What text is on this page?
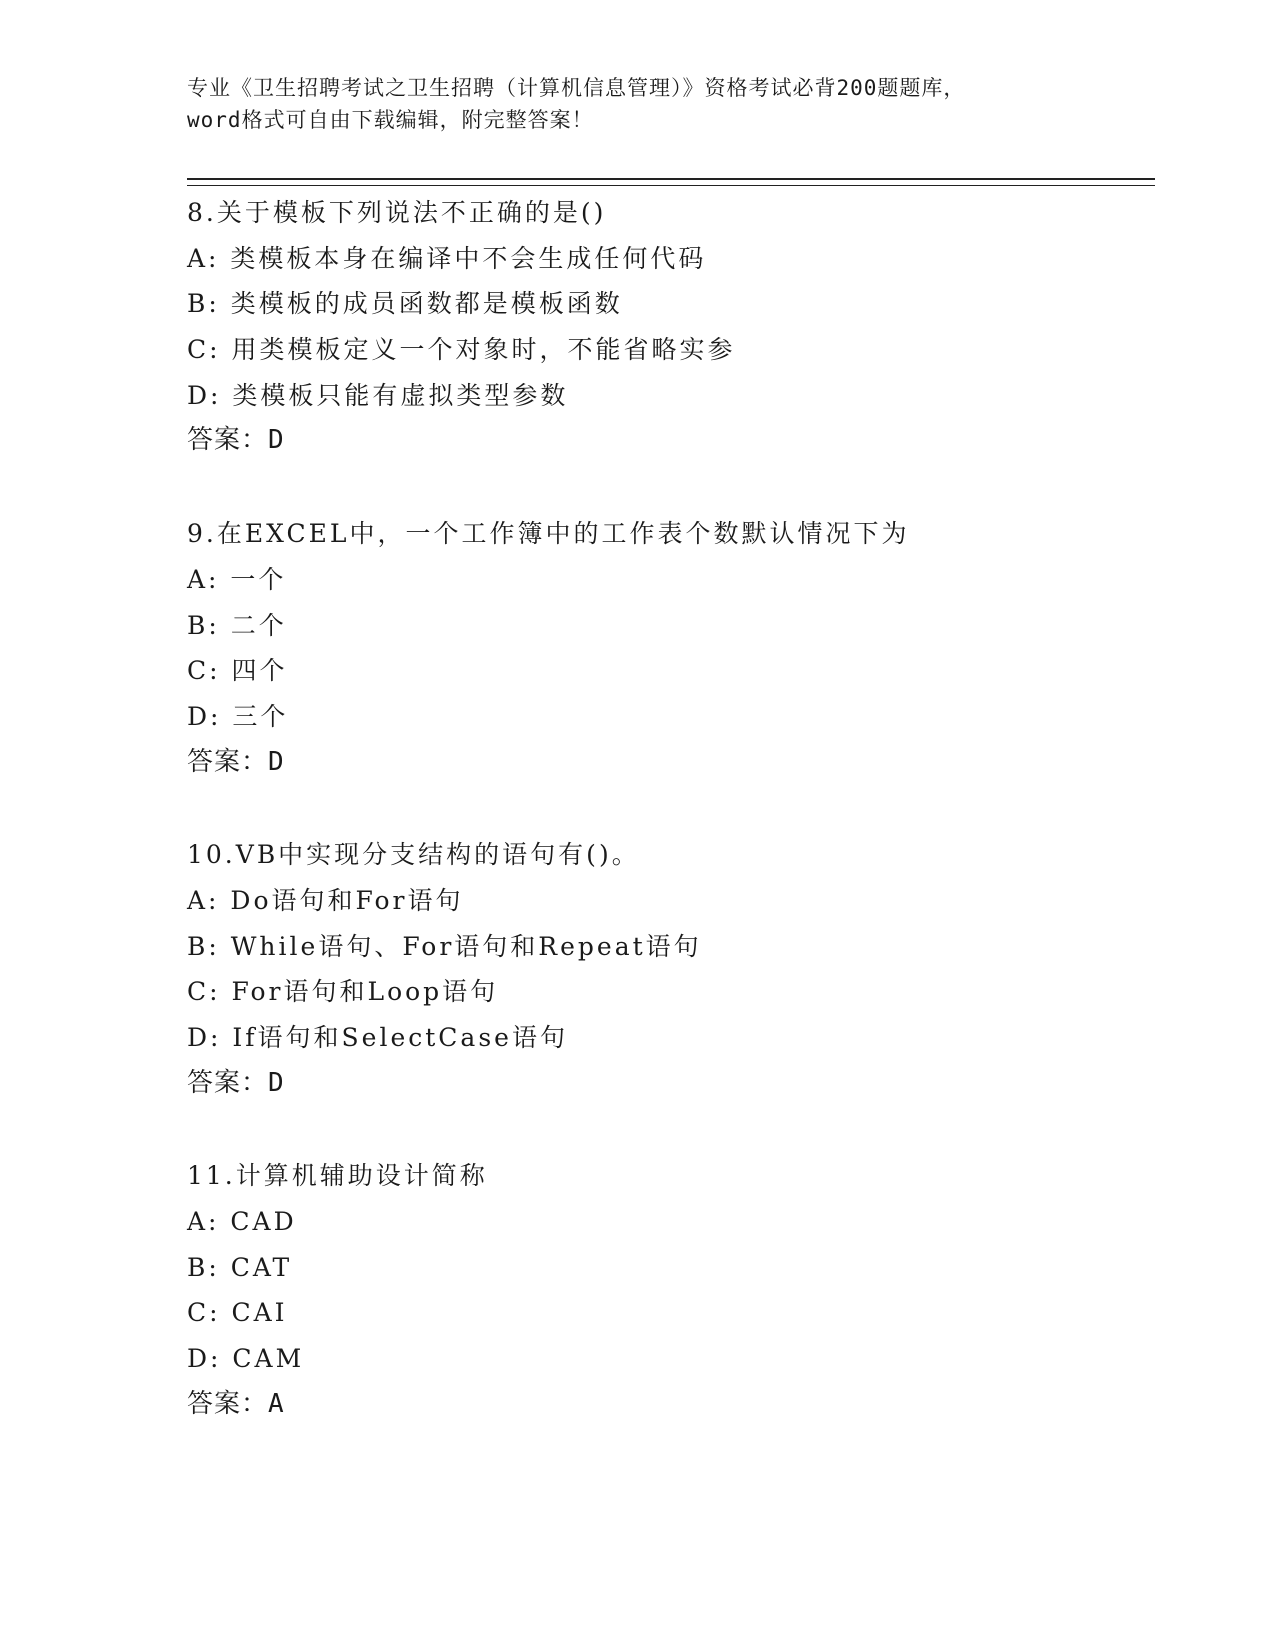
专业《卫生招聘考试之卫生招聘（计算机信息管理）》资格考试必背200题题库，
word格式可自由下载编辑，附完整答案！
8.关于模板下列说法不正确的是()
A: 类模板本身在编译中不会生成任何代码
B: 类模板的成员函数都是模板函数
C: 用类模板定义一个对象时，不能省略实参
D: 类模板只能有虚拟类型参数
答案：D
9.在EXCEL中，一个工作簿中的工作表个数默认情况下为
A: 一个
B: 二个
C: 四个
D: 三个
答案：D
10.VB中实现分支结构的语句有()。
A: Do语句和For语句
B: While语句、For语句和Repeat语句
C: For语句和Loop语句
D: If语句和SelectCase语句
答案：D
11.计算机辅助设计简称
A: CAD
B: CAT
C: CAI
D: CAM
答案：A
